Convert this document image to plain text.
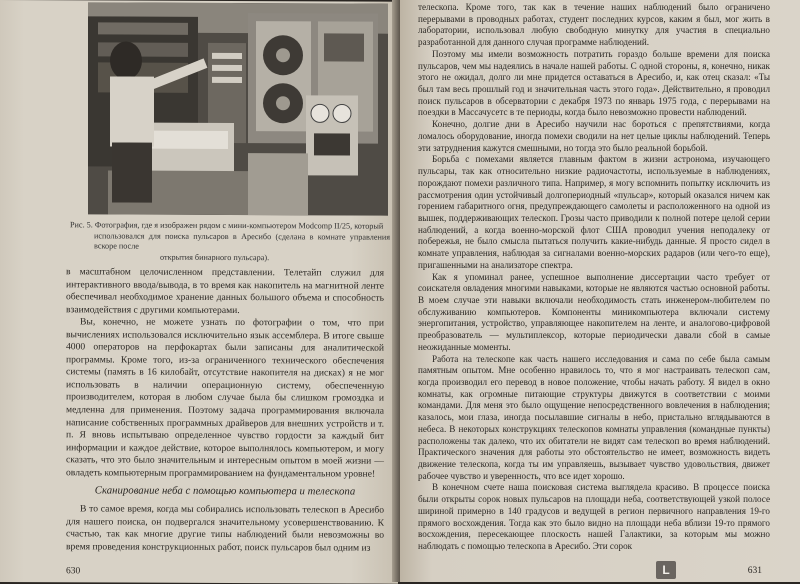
Рис. 5. Фотография, где я изображен рядом с мини-компьютером Modcomp II/25, который
использовался для поиска пульсаров в Аресибо (сделана в комнате управления вскоре после
открытия бинарного пульсара).

в масштабном целочисленном представлении. Телетайп служил для интерактивного ввода/вывода, в то время как накопитель на магнитной ленте обеспечивал необходимое хранение данных большого объема и способность взаимодействия с другими компьютерами.

Вы, конечно, не можете узнать по фотографии о том, что при вычислениях использовался исключительно язык ассемблера. В итоге свыше 4000 операторов на перфокартах были записаны для аналитической программы. Кроме того, из-за ограниченного технического обеспечения системы (память в 16 килобайт, отсутствие накопителя на дисках) я не мог использовать в наличии операционную систему, обеспеченную производителем, которая в любом случае была бы слишком громоздка и медленна для применения. Поэтому задача программирования включала написание собственных программных драйверов для внешних устройств и т. п. Я вновь испытываю определенное чувство гордости за каждый бит информации и каждое действие, которое выполнялось компьютером, и могу сказать, что это было значительным и интересным опытом в моей жизни — овладеть компьютерным программированием на фундаментальном уровне!

Сканирование неба с помощью компьютера и телескопа

В то самое время, когда мы собирались использовать телескоп в Аресибо для нашего поиска, он подвергался значительному усовершенствованию. К счастью, так как многие другие типы наблюдений были невозможны во время проведения конструкционных работ, поиск пульсаров был одним из

630

телескопа. Кроме того, так как в течение наших наблюдений было ограничено перерывами в проводных работах, студент последних курсов, каким я был, мог жить в лаборатории, использовал любую свободную минутку для участия в специально разработанной для данного случая программе наблюдений.

Поэтому мы имели возможность потратить гораздо больше времени для поиска пульсаров, чем мы надеялись в начале нашей работы. С одной стороны, я, конечно, никак этого не ожидал, долго ли мне придется оставаться в Аресибо, и, как отец сказал: «Ты был там весь прошлый год и значительная часть этого года». Действительно, я проводил поиск пульсаров в обсерватории с декабря 1973 по январь 1975 года, с перерывами на поездки в Массачусетс в те периоды, когда было невозможно провести наблюдений.

Конечно, долгие дни в Аресибо научили нас бороться с препятствиями, когда ломалось оборудование, иногда помехи сводили на нет целые циклы наблюдений. Теперь эти затруднения кажутся смешными, но тогда это было реальной борьбой.

Борьба с помехами является главным фактом в жизни астронома, изучающего пульсары, так как относительно низкие радиочастоты, используемые в наблюдениях, порождают помехи различного типа. Например, я могу вспомнить попытку исключить из рассмотрения один устойчивый долгопериодный «пульсар», который оказался ничем как горением габаритного огня, предупреждающего самолеты и расположенного на одной из вышек, поддерживающих телескоп. Грозы часто приводили к полной потере целой серии наблюдений, а когда военно-морской флот США проводил учения неподалеку от побережья, не было смысла пытаться получить какие-нибудь данные. Я просто сидел в комнате управления, наблюдая за сигналами военно-морских радаров (или чего-то еще), пригашенными на анализаторе спектра.

Как я упоминал ранее, успешное выполнение диссертации часто требует от соискателя овладения многими навыками, которые не являются частью основной работы. В моем случае эти навыки включали необходимость стать инженером-любителем по обслуживанию компьютеров. Компоненты миникомпьютера включали систему энергопитания, устройство, управляющее накопителем на ленте, и аналогово-цифровой преобразователь — мультиплексор, которые периодически давали сбой в самые неожиданные моменты.

Работа на телескопе как часть нашего исследования и сама по себе была самым памятным опытом. Мне особенно нравилось то, что я мог настраивать телескоп сам, когда производил его перевод в новое положение, чтобы начать работу. Я видел в окно комнаты, как огромные питающие структуры движутся в соответствии с моими командами. Для меня это было ощущение непосредственного вовлечения в наблюдения; казалось, мои глаза, иногда посылавшие сигналы в небо, пристально вглядываются в небеса. В некоторых конструкциях телескопов комнаты управления (командные пункты) расположены так далеко, что их обитатели не видят сам телескоп во время наблюдений. Практического значения для работы это обстоятельство не имеет, возможность видеть движение телескопа, когда ты им управляешь, вызывает чувство удовольствия, движет рабочее чувство и уверенность, что все идет хорошо.

В конечном счете наша поисковая система выглядела красиво. В процессе поиска были открыты сорок новых пульсаров на площади неба, соответствующей узкой полосе шириной примерно в 140 градусов и ведущей в регион первичного направления 19-го прямого восхождения. Тогда как это было видно на площади неба вблизи 19-то прямого восхождения, пересекающее плоскость нашей Галактики, за которым мы можно наблюдать с помощью телескопа в Аресибо. Эти сорок

L	631
